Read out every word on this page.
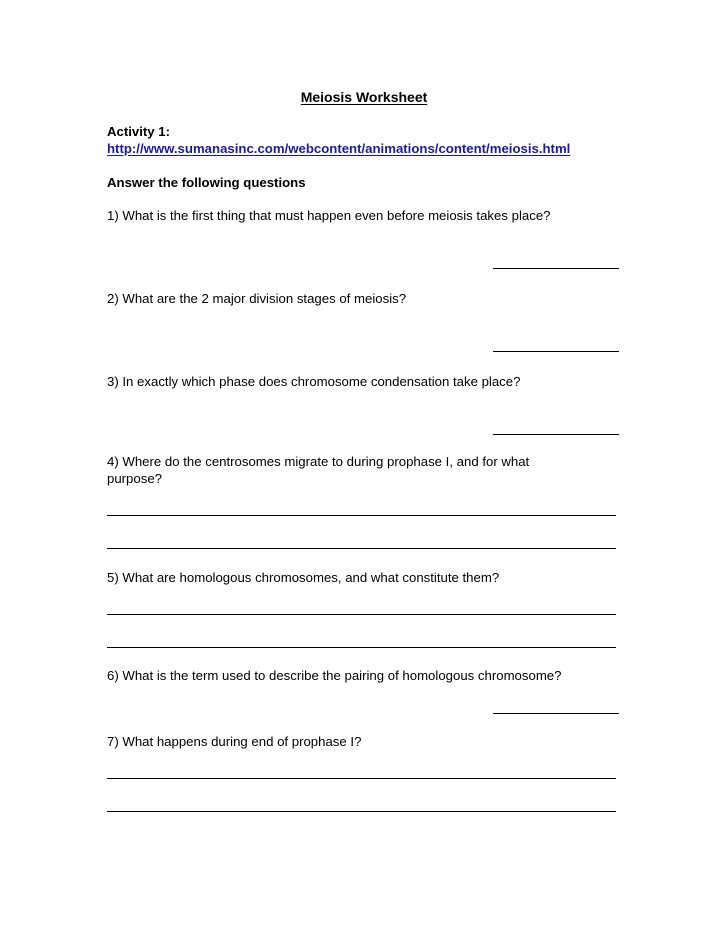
Meiosis Worksheet
Activity 1:
http://www.sumanasinc.com/webcontent/animations/content/meiosis.html
Answer the following questions
1) What is the first thing that must happen even before meiosis takes place?
2) What are the 2 major division stages of meiosis?
3) In exactly which phase does chromosome condensation take place?
4) Where do the centrosomes migrate to during prophase I, and for what
purpose?
5) What are homologous chromosomes, and what constitute them?
6) What is the term used to describe the pairing of homologous chromosome?
7) What happens during end of prophase I?
